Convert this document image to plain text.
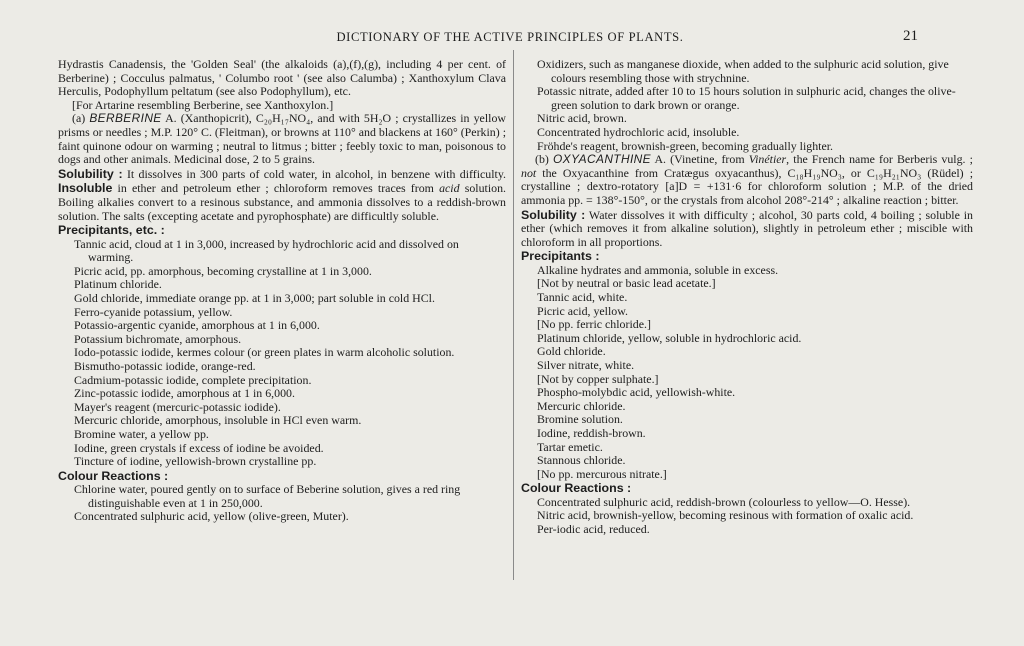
DICTIONARY OF THE ACTIVE PRINCIPLES OF PLANTS.	21

Hydrastis Canadensis, the 'Golden Seal' (the alkaloids (a),(f),(g), including 4 per cent. of Berberine) ; Cocculus palmatus, ' Columbo root ' (see also Calumba) ; Xanthoxylum Clava Herculis, Podophyllum peltatum (see also Podophyllum), etc.

[For Artarine resembling Berberine, see Xanthoxylon.]

(a) BERBERINE A. (Xanthopicrit), C₂₀H₁₇NO₄, and with 5H₂O ; crystallizes in yellow prisms or needles ; M.P. 120° C. (Fleitman), or browns at 110° and blackens at 160° (Perkin) ; faint quinone odour on warming ; neutral to litmus ; bitter ; feebly toxic to man, poisonous to dogs and other animals. Medicinal dose, 2 to 5 grains.

Solubility : It dissolves in 300 parts of cold water, in alcohol, in benzene with difficulty. Insoluble in ether and petroleum ether ; chloroform removes traces from acid solution. Boiling alkalies convert to a resinous substance, and ammonia dissolves to a reddish-brown solution. The salts (excepting acetate and pyrophosphate) are difficultly soluble.

Precipitants, etc. :

Tannic acid, cloud at 1 in 3,000, increased by hydrochloric acid and dissolved on warming.

Picric acid, pp. amorphous, becoming crystalline at 1 in 3,000.

Platinum chloride.

Gold chloride, immediate orange pp. at 1 in 3,000; part soluble in cold HCl.

Ferro-cyanide potassium, yellow.

Potassio-argentic cyanide, amorphous at 1 in 6,000.

Potassium bichromate, amorphous.

Iodo-potassic iodide, kermes colour (or green plates in warm alcoholic solution.

Bismutho-potassic iodide, orange-red.

Cadmium-potassic iodide, complete precipitation.

Zinc-potassic iodide, amorphous at 1 in 6,000.

Mayer's reagent (mercuric-potassic iodide).

Mercuric chloride, amorphous, insoluble in HCl even warm.

Bromine water, a yellow pp.

Iodine, green crystals if excess of iodine be avoided.

Tincture of iodine, yellowish-brown crystalline pp.

Colour Reactions :

Chlorine water, poured gently on to surface of Beberine solution, gives a red ring distinguishable even at 1 in 250,000.

Concentrated sulphuric acid, yellow (olive-green, Muter).

Oxidizers, such as manganese dioxide, when added to the sulphuric acid solution, give colours resembling those with strychnine.

Potassic nitrate, added after 10 to 15 hours solution in sulphuric acid, changes the olive-green solution to dark brown or orange.

Nitric acid, brown.

Concentrated hydrochloric acid, insoluble.

Fröhde's reagent, brownish-green, becoming gradually lighter.

(b) OXYACANTHINE A. (Vinetine, from Vinétier, the French name for Berberis vulg. ; not the Oxyacanthine from Cratægus oxyacanthus), C₁₈H₁₉NO₃, or C₁₉H₂₁NO₃ (Rüdel) ; crystalline ; dextro-rotatory [a]D = +131·6 for chloroform solution ; M.P. of the dried ammonia pp. = 138°-150°, or the crystals from alcohol 208°-214° ; alkaline reaction ; bitter.

Solubility : Water dissolves it with difficulty ; alcohol, 30 parts cold, 4 boiling ; soluble in ether (which removes it from alkaline solution), slightly in petroleum ether ; miscible with chloroform in all proportions.

Precipitants :

Alkaline hydrates and ammonia, soluble in excess.

[Not by neutral or basic lead acetate.]

Tannic acid, white.

Picric acid, yellow.

[No pp. ferric chloride.]

Platinum chloride, yellow, soluble in hydrochloric acid.

Gold chloride.

Silver nitrate, white.

[Not by copper sulphate.]

Phospho-molybdic acid, yellowish-white.

Mercuric chloride.

Bromine solution.

Iodine, reddish-brown.

Tartar emetic.

Stannous chloride.

[No pp. mercurous nitrate.]

Colour Reactions :

Concentrated sulphuric acid, reddish-brown (colourless to yellow—O. Hesse).

Nitric acid, brownish-yellow, becoming resinous with formation of oxalic acid.

Per-iodic acid, reduced.
